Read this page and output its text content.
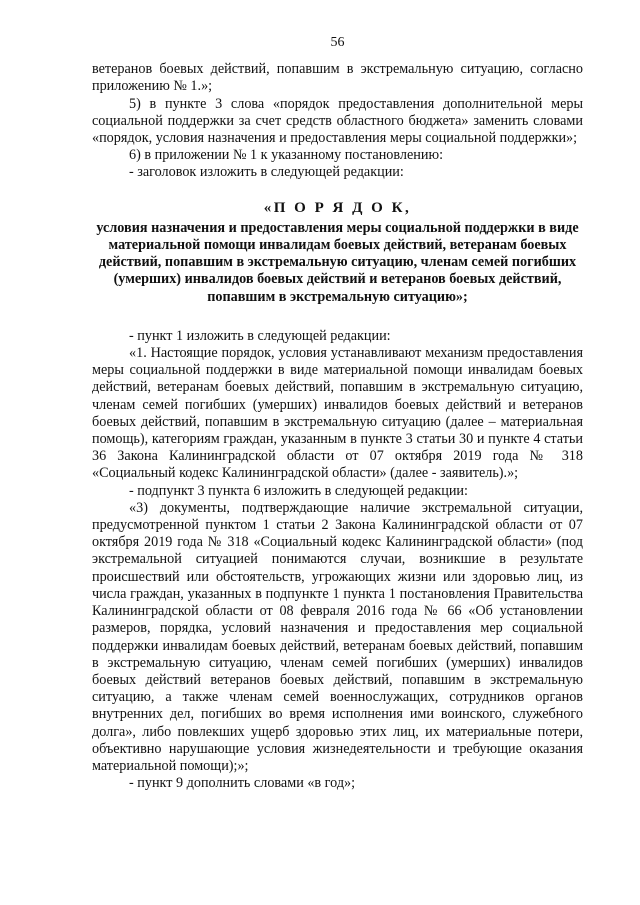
56

ветеранов боевых действий, попавшим в экстремальную ситуацию, согласно приложению № 1.»;

5) в пункте 3 слова «порядок предоставления дополнительной меры социальной поддержки за счет средств областного бюджета» заменить словами «порядок, условия назначения и предоставления меры социальной поддержки»;

6) в приложении № 1 к указанному постановлению:

- заголовок изложить в следующей редакции:

«П О Р Я Д О К,
условия назначения и предоставления меры социальной поддержки в виде материальной помощи инвалидам боевых действий, ветеранам боевых действий, попавшим в экстремальную ситуацию, членам семей погибших (умерших) инвалидов боевых действий и ветеранов боевых действий, попавшим в экстремальную ситуацию»;

- пункт 1 изложить в следующей редакции:

«1. Настоящие порядок, условия устанавливают механизм предоставления меры социальной поддержки в виде материальной помощи инвалидам боевых действий, ветеранам боевых действий, попавшим в экстремальную ситуацию, членам семей погибших (умерших) инвалидов боевых действий и ветеранов боевых действий, попавшим в экстремальную ситуацию (далее – материальная помощь), категориям граждан, указанным в пункте 3 статьи 30 и пункте 4 статьи 36 Закона Калининградской области от 07 октября 2019 года № 318 «Социальный кодекс Калининградской области» (далее - заявитель).»;

- подпункт 3 пункта 6 изложить в следующей редакции:

«3) документы, подтверждающие наличие экстремальной ситуации, предусмотренной пунктом 1 статьи 2 Закона Калининградской области от 07 октября 2019 года № 318 «Социальный кодекс Калининградской области» (под экстремальной ситуацией понимаются случаи, возникшие в результате происшествий или обстоятельств, угрожающих жизни или здоровью лиц, из числа граждан, указанных в подпункте 1 пункта 1 постановления Правительства Калининградской области от 08 февраля 2016 года № 66 «Об установлении размеров, порядка, условий назначения и предоставления мер социальной поддержки инвалидам боевых действий, ветеранам боевых действий, попавшим в экстремальную ситуацию, членам семей погибших (умерших) инвалидов боевых действий ветеранов боевых действий, попавшим в экстремальную ситуацию, а также членам семей военнослужащих, сотрудников органов внутренних дел, погибших во время исполнения ими воинского, служебного долга», либо повлекших ущерб здоровью этих лиц, их материальные потери, объективно нарушающие условия жизнедеятельности и требующие оказания материальной помощи);»;

- пункт 9 дополнить словами «в год»;
